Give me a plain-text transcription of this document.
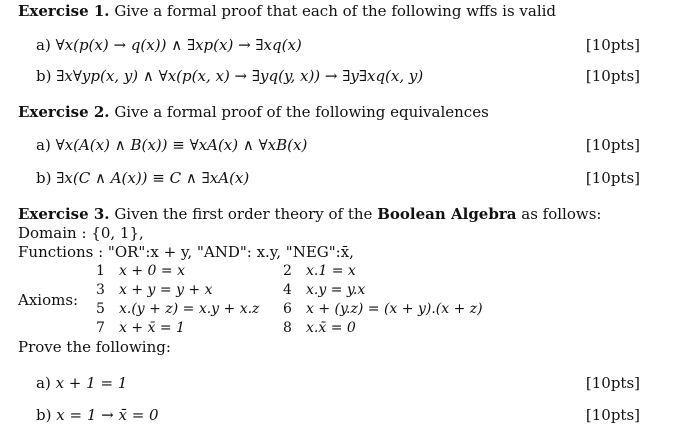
Exercise 1. Give a formal proof that each of the following wffs is valid
a) ∀x(p(x) → q(x)) ∧ ∃xp(x) → ∃xq(x)	[10pts]
b) ∃x∀yp(x, y) ∧ ∀x(p(x, x) → ∃yq(y, x)) → ∃y∃xq(x, y)	[10pts]
Exercise 2. Give a formal proof of the following equivalences
a) ∀x(A(x) ∧ B(x)) ≡ ∀xA(x) ∧ ∀xB(x)	[10pts]
b) ∃x(C ∧ A(x)) ≡ C ∧ ∃xA(x)	[10pts]
Exercise 3. Given the first order theory of the Boolean Algebra as follows:
Domain : {0, 1},
Functions : "OR":x + y, "AND": x.y, "NEG":x̄,
Axioms:
1 x + 0 = x	2 x.1 = x
3 x + y = y + x	4 x.y = y.x
5 x.(y + z) = x.y + x.z 6 x + (y.z) = (x + y).(x + z)
7 x + x̄ = 1	8 x.x̄ = 0
Prove the following:
a) x + 1 = 1	[10pts]
b) x = 1 → x̄ = 0	[10pts]
